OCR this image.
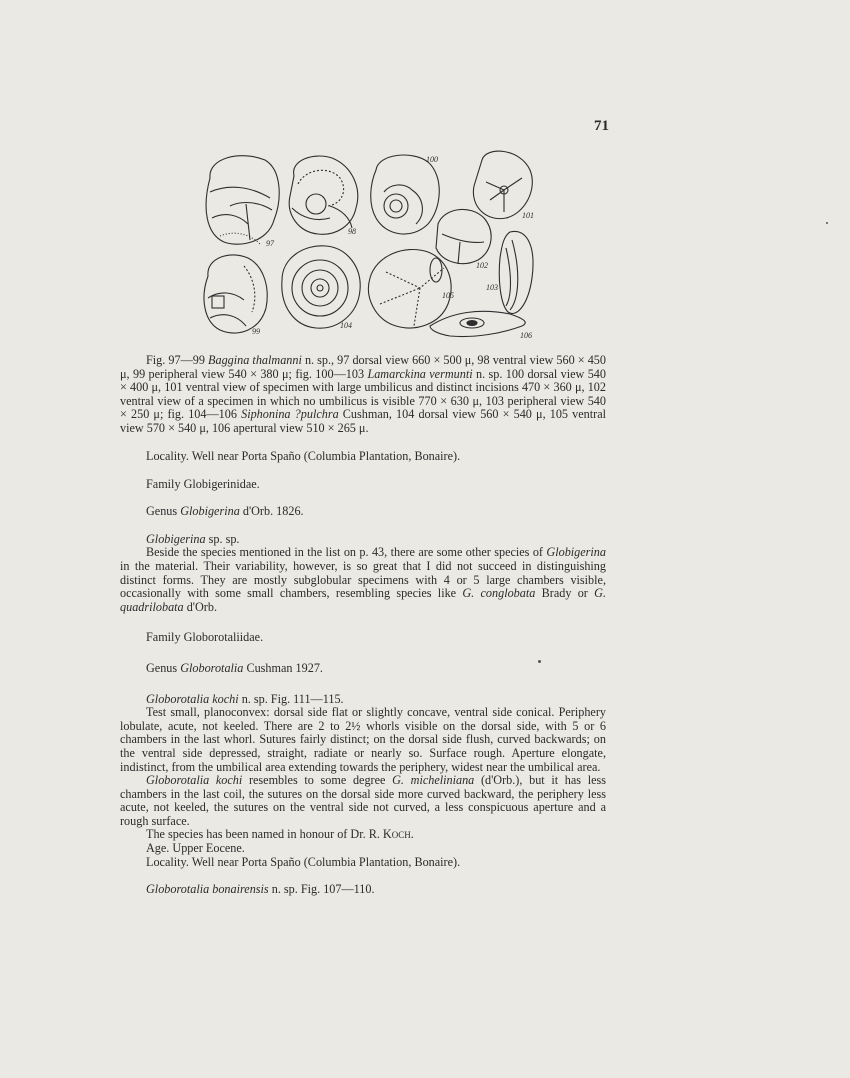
71
97
98
100
101
102
103
99
104
105
106

Fig. 97—99 Baggina thalmanni n. sp., 97 dorsal view 660 × 500 μ, 98 ventral view 560 × 450 μ, 99 peripheral view 540 × 380 μ; fig. 100—103 Lamarckina vermunti n. sp. 100 dorsal view 540 × 400 μ, 101 ventral view of specimen with large umbilicus and distinct incisions 470 × 360 μ, 102 ventral view of a specimen in which no umbilicus is visible 770 × 630 μ, 103 peripheral view 540 × 250 μ; fig. 104—106 Siphonina ?pulchra Cushman, 104 dorsal view 560 × 540 μ, 105 ventral view 570 × 540 μ, 106 apertural view 510 × 265 μ.

Locality. Well near Porta Spaño (Columbia Plantation, Bonaire).

Family Globigerinidae.

Genus Globigerina d'Orb. 1826.

Globigerina sp. sp.

Beside the species mentioned in the list on p. 43, there are some other species of Globigerina in the material. Their variability, however, is so great that I did not succeed in distinguishing distinct forms. They are mostly subglobular specimens with 4 or 5 large chambers visible, occasionally with some small chambers, resembling species like G. conglobata Brady or G. quadrilobata d'Orb.

Family Globorotaliidae.

Genus Globorotalia Cushman 1927.

Globorotalia kochi n. sp. Fig. 111—115.

Test small, planoconvex: dorsal side flat or slightly concave, ventral side conical. Periphery lobulate, acute, not keeled. There are 2 to 2½ whorls visible on the dorsal side, with 5 or 6 chambers in the last whorl. Sutures fairly distinct; on the dorsal side flush, curved backwards; on the ventral side depressed, straight, radiate or nearly so. Surface rough. Aperture elongate, indistinct, from the umbilical area extending towards the periphery, widest near the umbilical area.

Globorotalia kochi resembles to some degree G. micheliniana (d'Orb.), but it has less chambers in the last coil, the sutures on the dorsal side more curved backward, the periphery less acute, not keeled, the sutures on the ventral side not curved, a less conspicuous aperture and a rough surface.

The species has been named in honour of Dr. R. Koch.

Age. Upper Eocene.

Locality. Well near Porta Spaño (Columbia Plantation, Bonaire).

Globorotalia bonairensis n. sp. Fig. 107—110.
